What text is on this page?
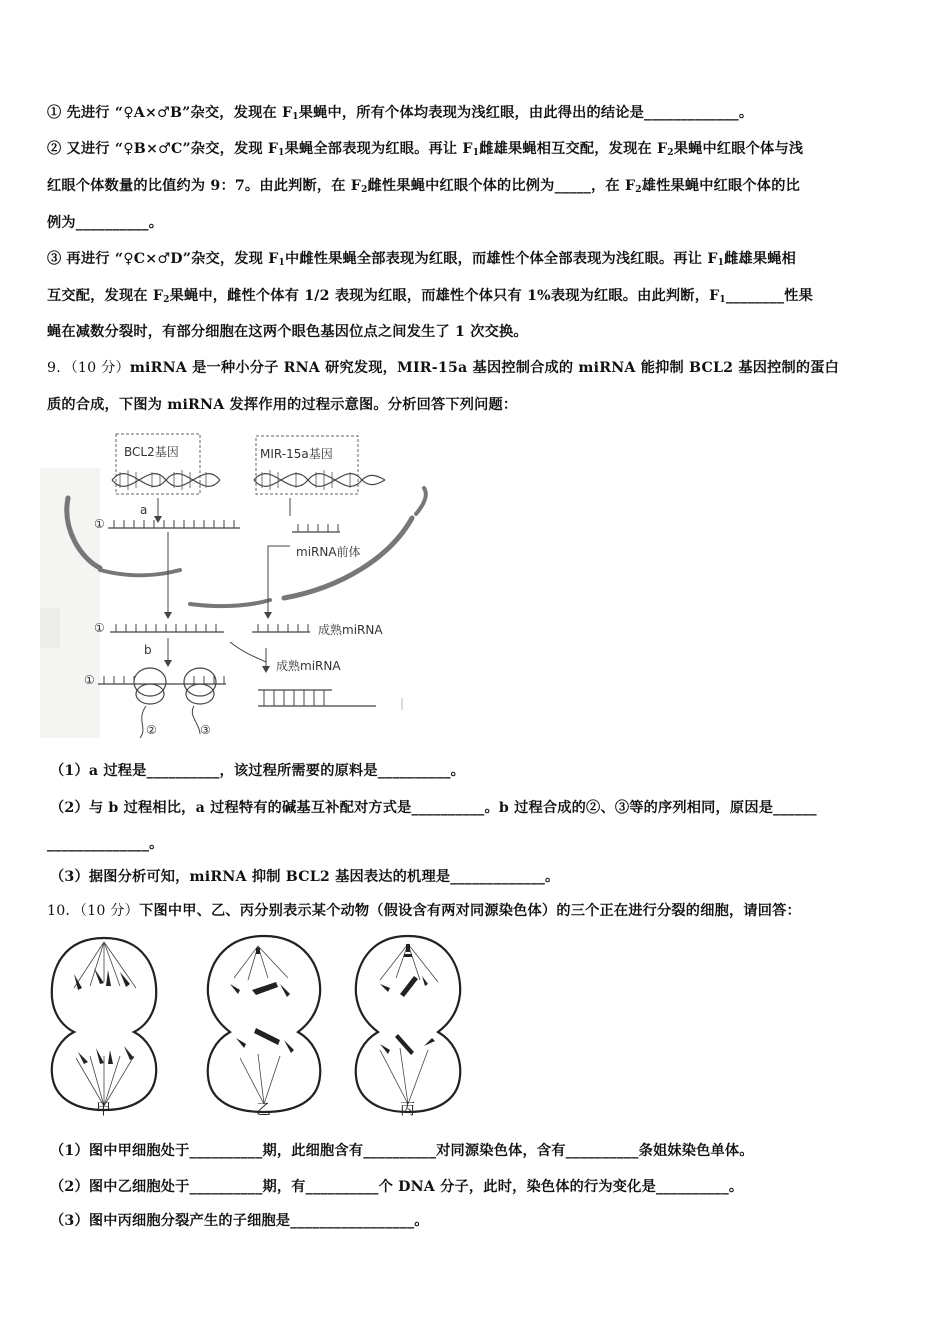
① 先进行 “♀A×♂B”杂交，发现在 $F_1$果蝇中，所有个体均表现为浅红眼，由此得出的结论是_____________。
② 又进行 “♀B×♂C”杂交，发现 $F_1$果蝇全部表现为红眼。再让 $F_1$雌雄果蝇相互交配，发现在 $F_2$果蝇中红眼个体与浅
红眼个体数量的比值约为 9：7。由此判断，在 $F_2$雌性果蝇中红眼个体的比例为_____，在 $F_2$雄性果蝇中红眼个体的比
例为__________。
③ 再进行 “♀C×♂D”杂交，发现 $F_1$中雌性果蝇全部表现为红眼，而雄性个体全部表现为浅红眼。再让 $F_1$雌雄果蝇相
互交配，发现在 $F_2$果蝇中，雌性个体有 1/2 表现为红眼，而雄性个体只有 1%表现为红眼。由此判断，$F_1\_\_\_\_\_\_\_\_$性果
蝇在减数分裂时，有部分细胞在这两个眼色基因位点之间发生了 1 次交换。
9．（10 分）miRNA 是一种小分子 RNA 研究发现，MIR-15a 基因控制合成的 miRNA 能抑制 BCL2 基因控制的蛋白
质的合成，下图为 miRNA 发挥作用的过程示意图。分析回答下列问题：
BCL2基因	MIR-15a基因
a
①
miRNA前体
①	成熟miRNA
b
成熟miRNA
①
②	③
（1）a 过程是__________，该过程所需要的原料是__________。
（2）与 b 过程相比，a 过程特有的碱基互补配对方式是__________。b 过程合成的②、③等的序列相同，原因是______
______________。
（3）据图分析可知，miRNA 抑制 BCL2 基因表达的机理是_____________。
10．（10 分）下图中甲、乙、丙分别表示某个动物（假设含有两对同源染色体）的三个正在进行分裂的细胞，请回答：
甲	乙	丙
（1）图中甲细胞处于__________期，此细胞含有__________对同源染色体，含有__________条姐妹染色单体。
（2）图中乙细胞处于__________期，有__________个 DNA 分子，此时，染色体的行为变化是__________。
（3）图中丙细胞分裂产生的子细胞是_________________。
